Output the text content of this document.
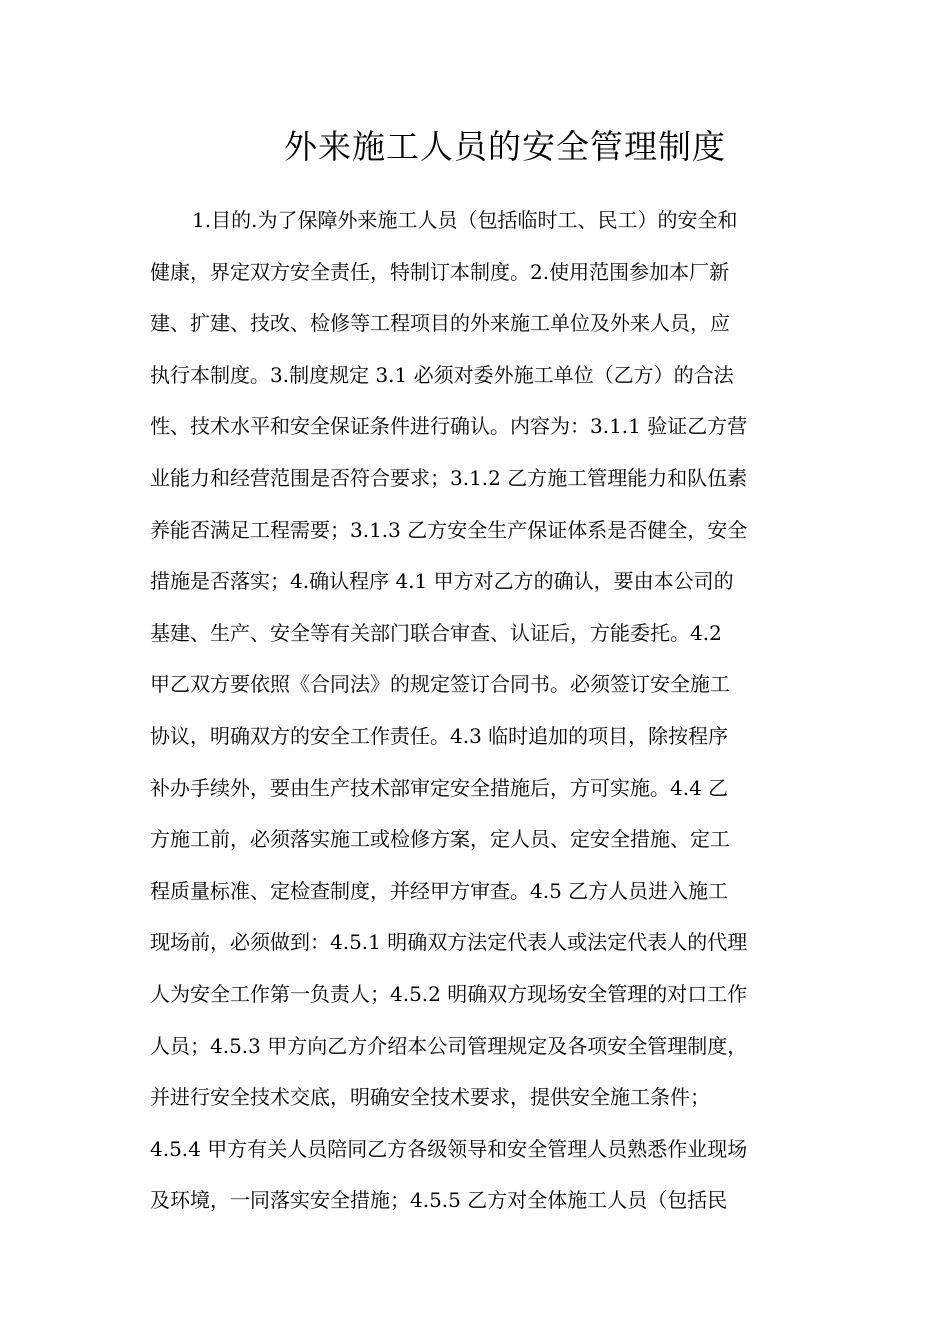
外来施工人员的安全管理制度
1.目的.为了保障外来施工人员（包括临时工、民工）的安全和
健康，界定双方安全责任，特制订本制度。2.使用范围参加本厂新
建、扩建、技改、检修等工程项目的外来施工单位及外来人员，应
执行本制度。3.制度规定 3.1 必须对委外施工单位（乙方）的合法
性、技术水平和安全保证条件进行确认。内容为：3.1.1 验证乙方营
业能力和经营范围是否符合要求；3.1.2 乙方施工管理能力和队伍素
养能否满足工程需要；3.1.3 乙方安全生产保证体系是否健全，安全
措施是否落实；4.确认程序 4.1 甲方对乙方的确认，要由本公司的
基建、生产、安全等有关部门联合审查、认证后，方能委托。4.2
甲乙双方要依照《合同法》的规定签订合同书。必须签订安全施工
协议，明确双方的安全工作责任。4.3 临时追加的项目，除按程序
补办手续外，要由生产技术部审定安全措施后，方可实施。4.4 乙
方施工前，必须落实施工或检修方案，定人员、定安全措施、定工
程质量标准、定检查制度，并经甲方审查。4.5 乙方人员进入施工
现场前，必须做到：4.5.1 明确双方法定代表人或法定代表人的代理
人为安全工作第一负责人；4.5.2 明确双方现场安全管理的对口工作
人员；4.5.3 甲方向乙方介绍本公司管理规定及各项安全管理制度，
并进行安全技术交底，明确安全技术要求，提供安全施工条件；
4.5.4 甲方有关人员陪同乙方各级领导和安全管理人员熟悉作业现场
及环境，一同落实安全措施；4.5.5 乙方对全体施工人员（包括民
